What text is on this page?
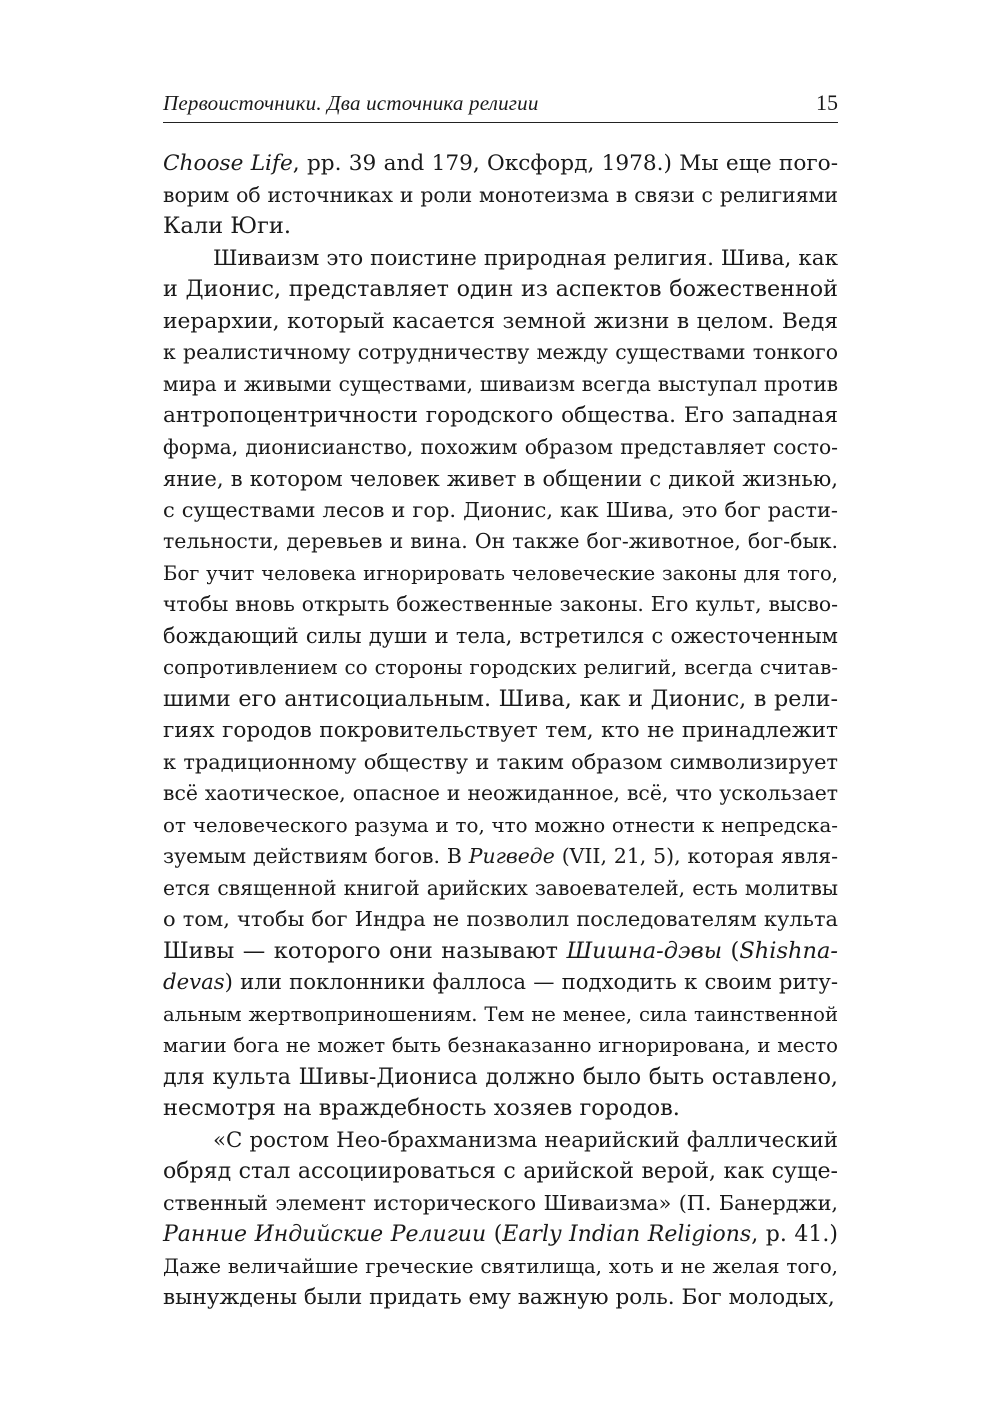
Первоисточники. Два источника религии	15
Choose Life, pp. 39 and 179, Оксфорд, 1978.) Мы еще пого-
ворим об источниках и роли монотеизма в связи с религиями
Кали Юги.
Шиваизм это поистине природная религия. Шива, как
и Дионис, представляет один из аспектов божественной
иерархии, который касается земной жизни в целом. Ведя
к реалистичному сотрудничеству между существами тонкого
мира и живыми существами, шиваизм всегда выступал против
антропоцентричности городского общества. Его западная
форма, дионисианство, похожим образом представляет состо-
яние, в котором человек живет в общении с дикой жизнью,
с существами лесов и гор. Дионис, как Шива, это бог расти-
тельности, деревьев и вина. Он также бог-животное, бог-бык.
Бог учит человека игнорировать человеческие законы для того,
чтобы вновь открыть божественные законы. Его культ, высво-
бождающий силы души и тела, встретился с ожесточенным
сопротивлением со стороны городских религий, всегда считав-
шими его антисоциальным. Шива, как и Дионис, в рели-
гиях городов покровительствует тем, кто не принадлежит
к традиционному обществу и таким образом символизирует
всё хаотическое, опасное и неожиданное, всё, что ускользает
от человеческого разума и то, что можно отнести к непредска-
зуемым действиям богов. В Ригведе (VII, 21, 5), которая явля-
ется священной книгой арийских завоевателей, есть молитвы
о том, чтобы бог Индра не позволил последователям культа
Шивы — которого они называют Шишна-дэвы (Shishna-
devas) или поклонники фаллоса — подходить к своим риту-
альным жертвоприношениям. Тем не менее, сила таинственной
магии бога не может быть безнаказанно игнорирована, и место
для культа Шивы-Диониса должно было быть оставлено,
несмотря на враждебность хозяев городов.
«С ростом Нео-брахманизма неарийский фаллический
обряд стал ассоциироваться с арийской верой, как суще-
ственный элемент исторического Шиваизма» (П. Банерджи,
Ранние Индийские Религии (Early Indian Religions, p. 41.)
Даже величайшие греческие святилища, хоть и не желая того,
вынуждены были придать ему важную роль. Бог молодых,
